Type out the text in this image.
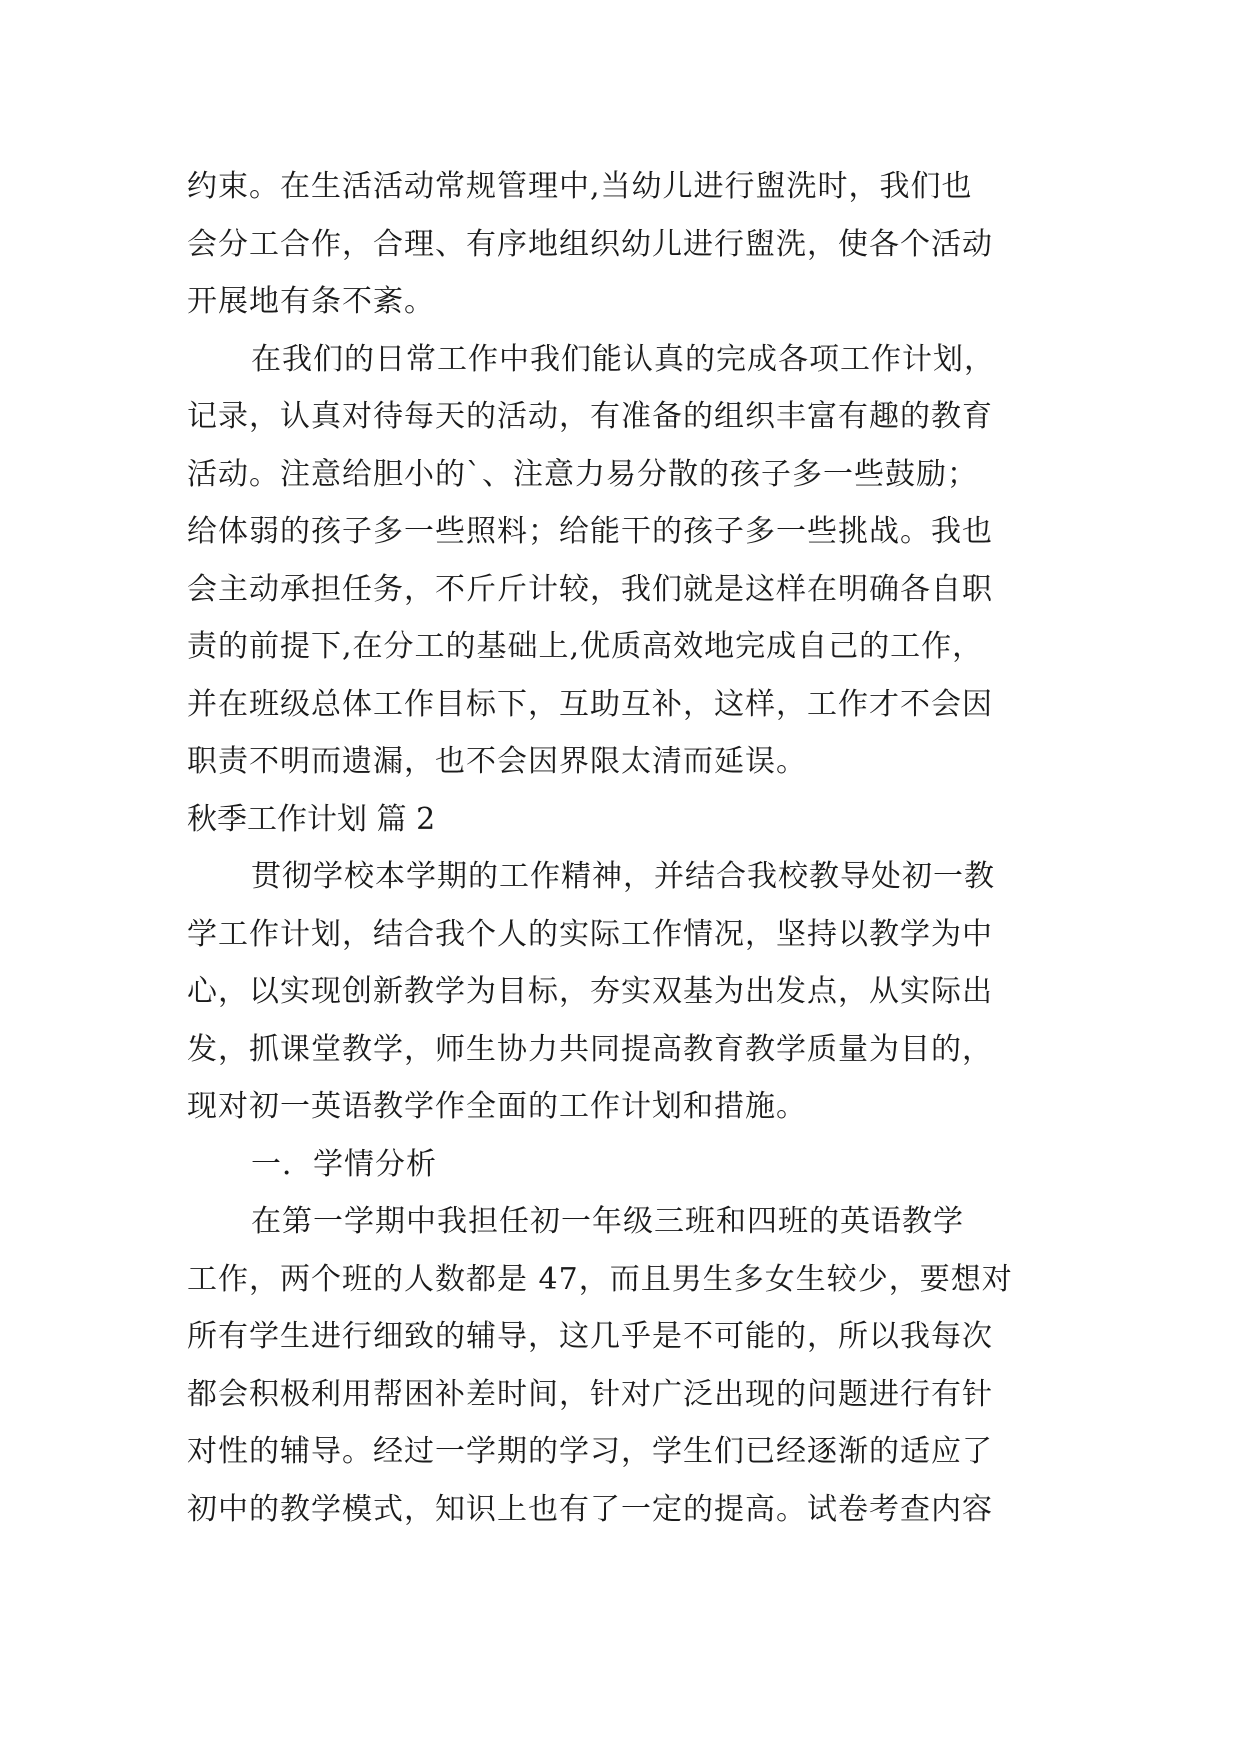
约束。在生活活动常规管理中,当幼儿进行盥洗时，我们也
会分工合作，合理、有序地组织幼儿进行盥洗，使各个活动
开展地有条不紊。
在我们的日常工作中我们能认真的完成各项工作计划，
记录，认真对待每天的活动，有准备的组织丰富有趣的教育
活动。注意给胆小的`、注意力易分散的孩子多一些鼓励；
给体弱的孩子多一些照料；给能干的孩子多一些挑战。我也
会主动承担任务，不斤斤计较，我们就是这样在明确各自职
责的前提下,在分工的基础上,优质高效地完成自己的工作，
并在班级总体工作目标下，互助互补，这样，工作才不会因
职责不明而遗漏，也不会因界限太清而延误。
秋季工作计划 篇 2
贯彻学校本学期的工作精神，并结合我校教导处初一教
学工作计划，结合我个人的实际工作情况，坚持以教学为中
心，以实现创新教学为目标，夯实双基为出发点，从实际出
发，抓课堂教学，师生协力共同提高教育教学质量为目的，
现对初一英语教学作全面的工作计划和措施。
一．学情分析
在第一学期中我担任初一年级三班和四班的英语教学
工作，两个班的人数都是 47，而且男生多女生较少，要想对
所有学生进行细致的辅导，这几乎是不可能的，所以我每次
都会积极利用帮困补差时间，针对广泛出现的问题进行有针
对性的辅导。经过一学期的学习，学生们已经逐渐的适应了
初中的教学模式，知识上也有了一定的提高。试卷考查内容
